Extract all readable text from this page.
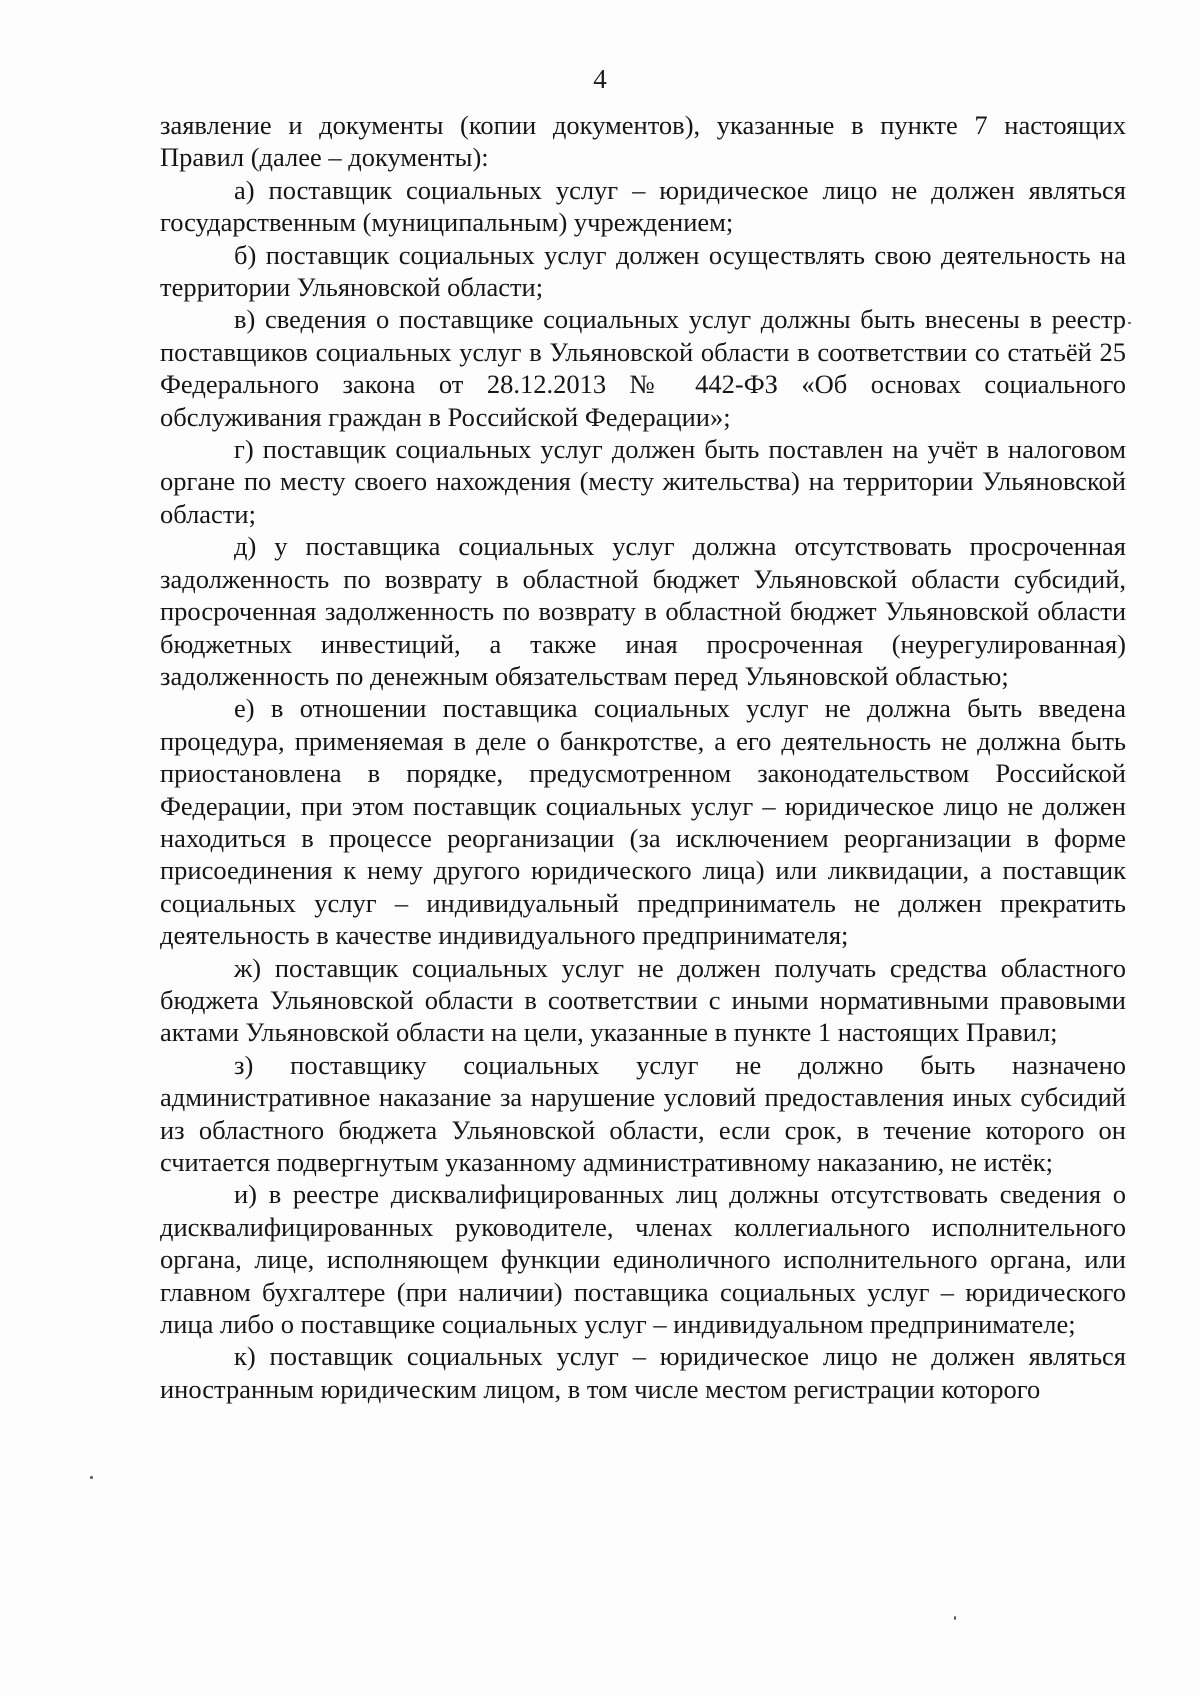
4

заявление и документы (копии документов), указанные в пункте 7 настоящих Правил (далее – документы):

а) поставщик социальных услуг – юридическое лицо не должен являться государственным (муниципальным) учреждением;

б) поставщик социальных услуг должен осуществлять свою деятельность на территории Ульяновской области;

в) сведения о поставщике социальных услуг должны быть внесены в реестр поставщиков социальных услуг в Ульяновской области в соответствии со статьёй 25 Федерального закона от 28.12.2013 № 442-ФЗ «Об основах социального обслуживания граждан в Российской Федерации»;

г) поставщик социальных услуг должен быть поставлен на учёт в налоговом органе по месту своего нахождения (месту жительства) на территории Ульяновской области;

д) у поставщика социальных услуг должна отсутствовать просроченная задолженность по возврату в областной бюджет Ульяновской области субсидий, просроченная задолженность по возврату в областной бюджет Ульяновской области бюджетных инвестиций, а также иная просроченная (неурегулированная) задолженность по денежным обязательствам перед Ульяновской областью;

е) в отношении поставщика социальных услуг не должна быть введена процедура, применяемая в деле о банкротстве, а его деятельность не должна быть приостановлена в порядке, предусмотренном законодательством Российской Федерации, при этом поставщик социальных услуг – юридическое лицо не должен находиться в процессе реорганизации (за исключением реорганизации в форме присоединения к нему другого юридического лица) или ликвидации, а поставщик социальных услуг – индивидуальный предприниматель не должен прекратить деятельность в качестве индивидуального предпринимателя;

ж) поставщик социальных услуг не должен получать средства областного бюджета Ульяновской области в соответствии с иными нормативными правовыми актами Ульяновской области на цели, указанные в пункте 1 настоящих Правил;

з) поставщику социальных услуг не должно быть назначено административное наказание за нарушение условий предоставления иных субсидий из областного бюджета Ульяновской области, если срок, в течение которого он считается подвергнутым указанному административному наказанию, не истёк;

и) в реестре дисквалифицированных лиц должны отсутствовать сведения о дисквалифицированных руководителе, членах коллегиального исполнительного органа, лице, исполняющем функции единоличного исполнительного органа, или главном бухгалтере (при наличии) поставщика социальных услуг – юридического лица либо о поставщике социальных услуг – индивидуальном предпринимателе;

к) поставщик социальных услуг – юридическое лицо не должен являться иностранным юридическим лицом, в том числе местом регистрации которого
